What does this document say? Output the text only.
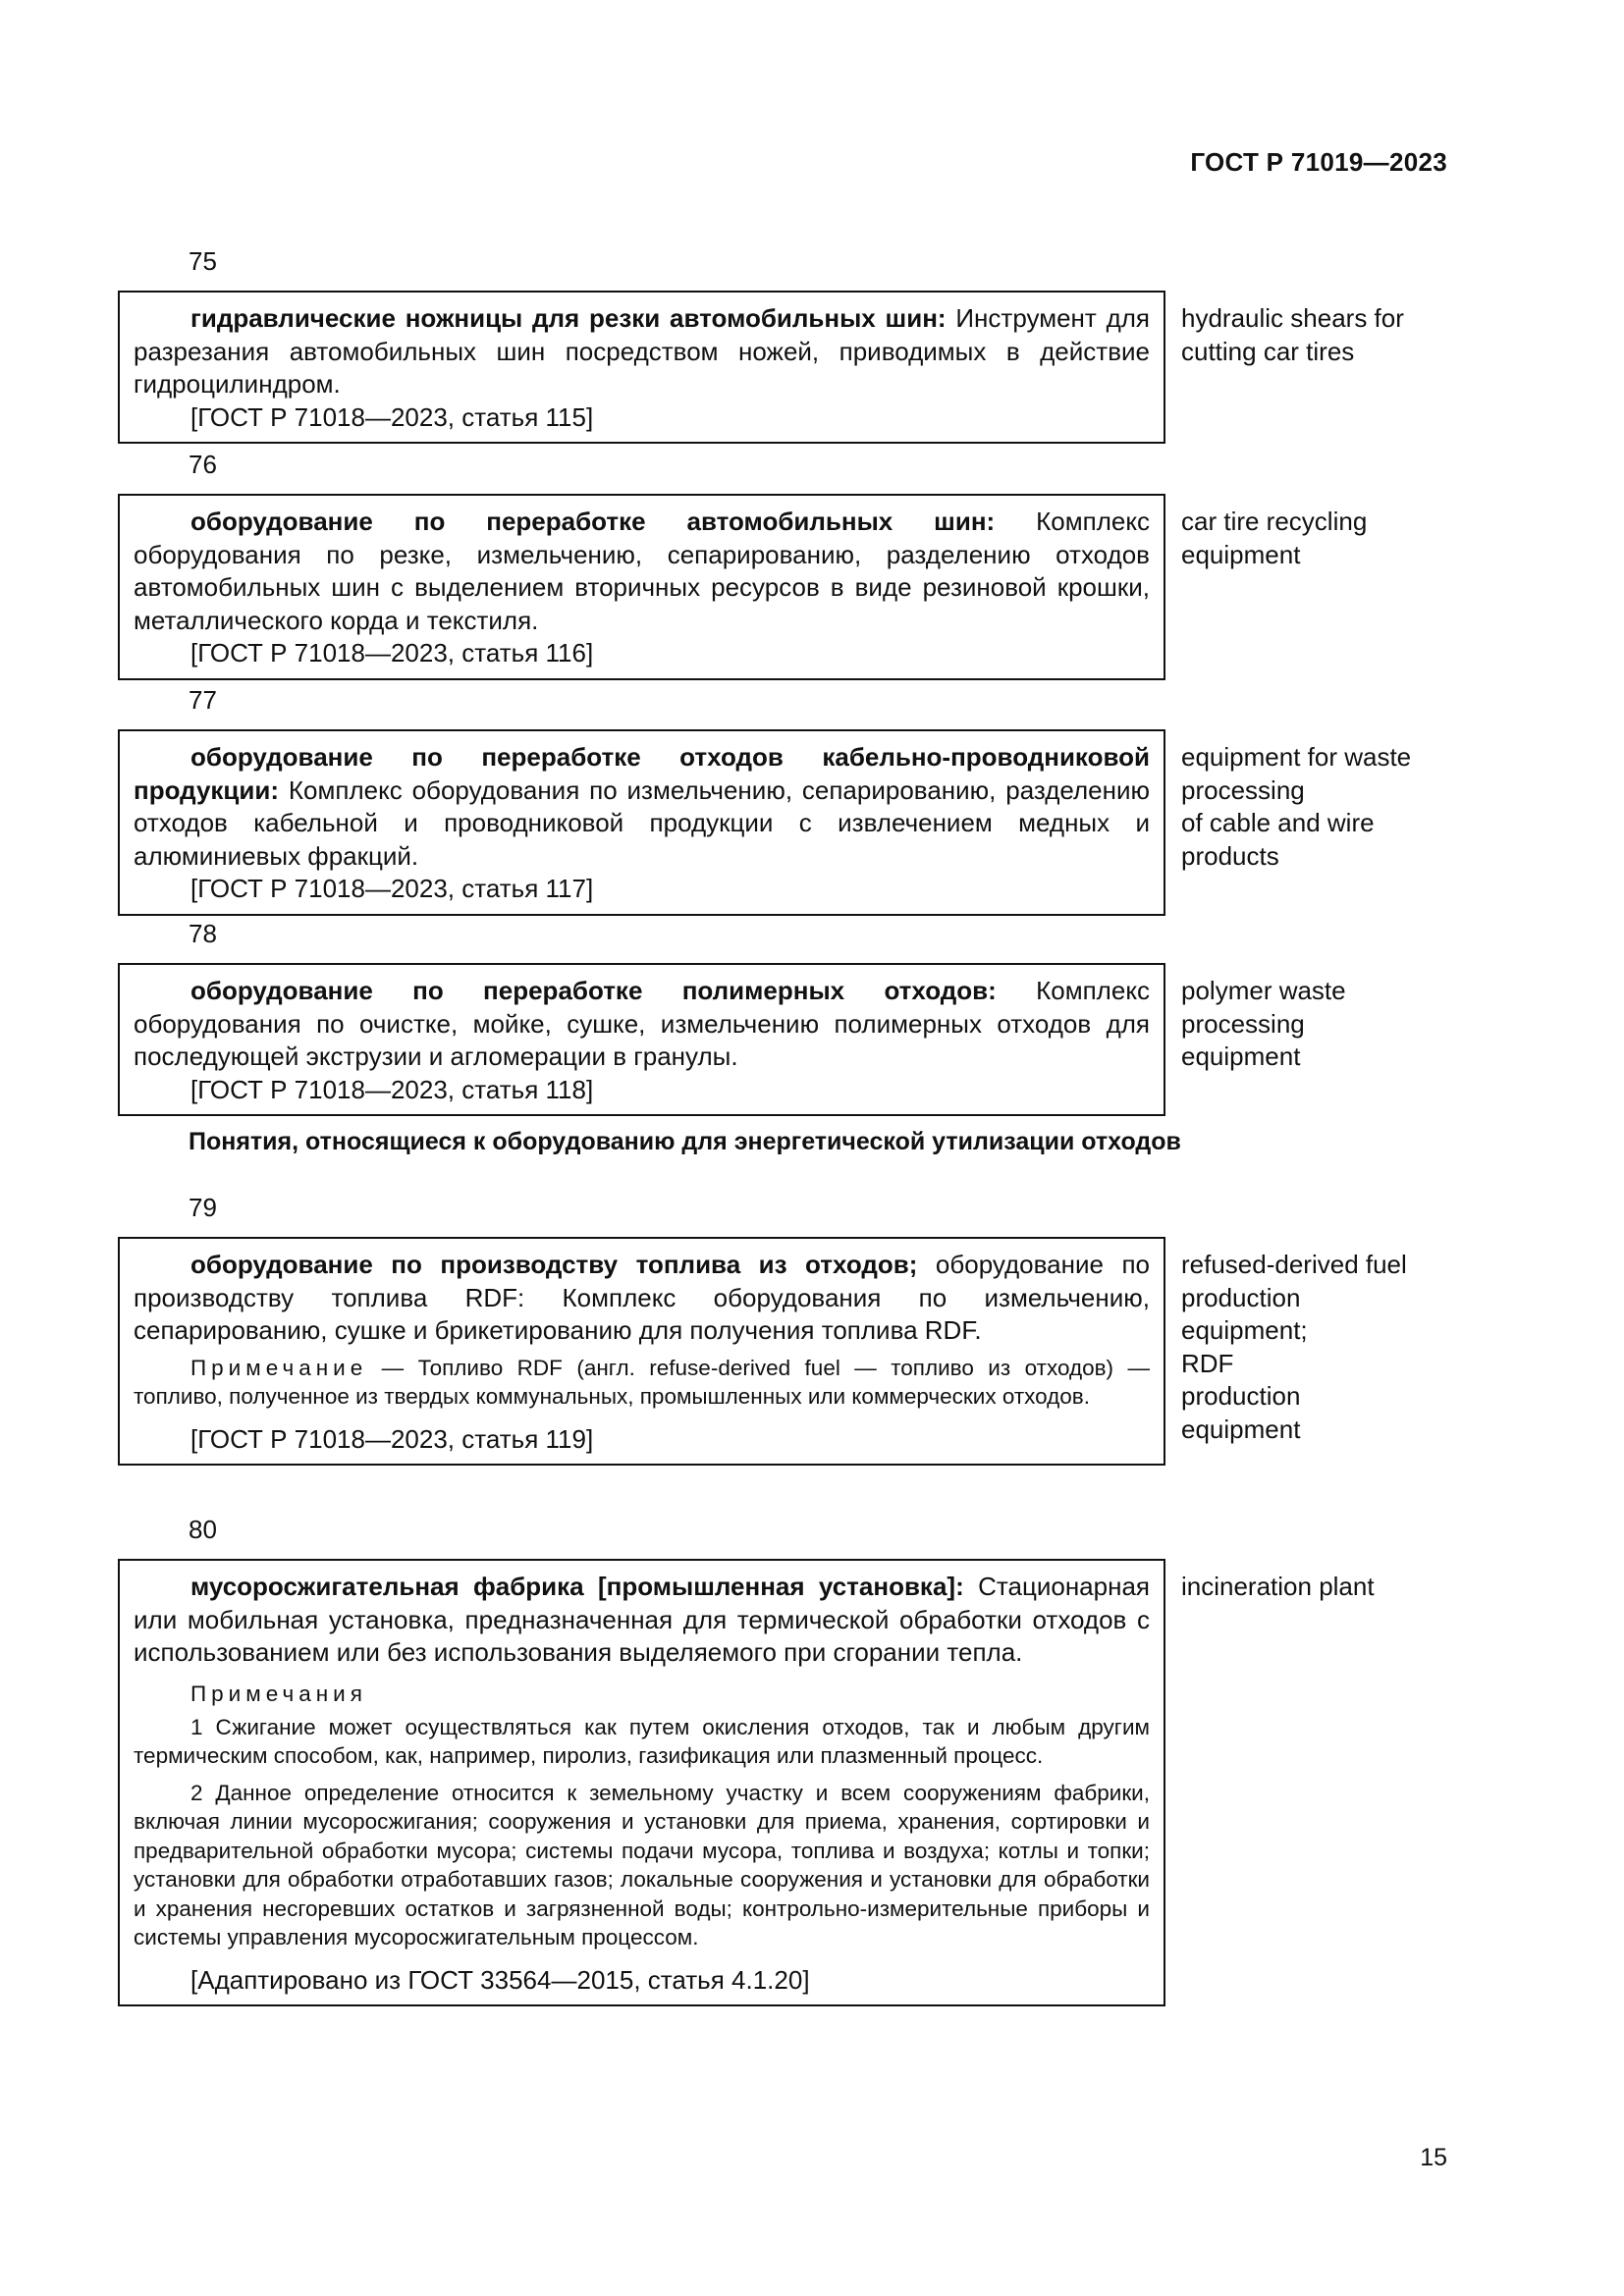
ГОСТ Р 71019—2023
75

гидравлические ножницы для резки автомобильных шин: Инструмент для разрезания автомобильных шин посредством ножей, приводимых в действие гидроцилиндром.

[ГОСТ Р 71018—2023, статья 115]

hydraulic shears for
cutting car tires
76

оборудование по переработке автомобильных шин: Комплекс оборудования по резке, измельчению, сепарированию, разделению отходов автомобильных шин с выделением вторичных ресурсов в виде резиновой крошки, металлического корда и текстиля.

[ГОСТ Р 71018—2023, статья 116]

car tire recycling
equipment
77

оборудование по переработке отходов кабельно-проводниковой продукции: Комплекс оборудования по измельчению, сепарированию, разделению отходов кабельной и проводниковой продукции с извлечением медных и алюминиевых фракций.

[ГОСТ Р 71018—2023, статья 117]

equipment for waste
processing
of cable and wire
products
78

оборудование по переработке полимерных отходов: Комплекс оборудования по очистке, мойке, сушке, измельчению полимерных отходов для последующей экструзии и агломерации в гранулы.

[ГОСТ Р 71018—2023, статья 118]

polymer waste
processing
equipment
Понятия, относящиеся к оборудованию для энергетической утилизации отходов
79

оборудование по производству топлива из отходов; оборудование по производству топлива RDF: Комплекс оборудования по измельчению, сепарированию, сушке и брикетированию для получения топлива RDF.

Примечание — Топливо RDF (англ. refuse-derived fuel — топливо из отходов) — топливо, полученное из твердых коммунальных, промышленных или коммерческих отходов.

[ГОСТ Р 71018—2023, статья 119]

refused-derived fuel
production
equipment;
RDF
production
equipment
80

мусоросжигательная фабрика [промышленная установка]: Стационарная или мобильная установка, предназначенная для термической обработки отходов с использованием или без использования выделяемого при сгорании тепла.

Примечания

1 Сжигание может осуществляться как путем окисления отходов, так и любым другим термическим способом, как, например, пиролиз, газификация или плазменный процесс.

2 Данное определение относится к земельному участку и всем сооружениям фабрики, включая линии мусоросжигания; сооружения и установки для приема, хранения, сортировки и предварительной обработки мусора; системы подачи мусора, топлива и воздуха; котлы и топки; установки для обработки отработавших газов; локальные сооружения и установки для обработки и хранения несгоревших остатков и загрязненной воды; контрольно-измерительные приборы и системы управления мусоросжигательным процессом.

[Адаптировано из ГОСТ 33564—2015, статья 4.1.20]

incineration plant
15
